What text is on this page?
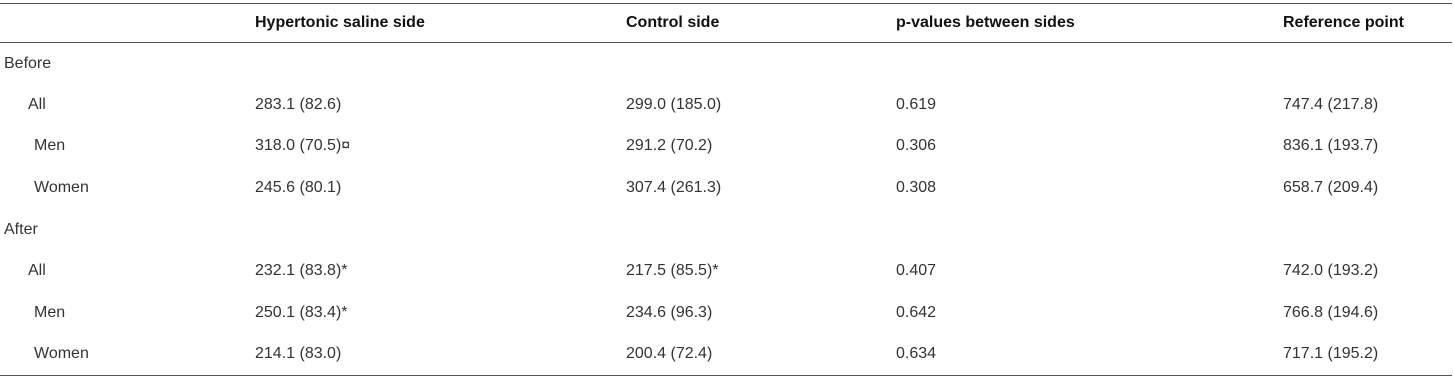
	Hypertonic saline side	Control side	p-values between sides	Reference point
Before				
All	283.1 (82.6)	299.0 (185.0)	0.619	747.4 (217.8)
Men	318.0 (70.5)¤	291.2 (70.2)	0.306	836.1 (193.7)
Women	245.6 (80.1)	307.4 (261.3)	0.308	658.7 (209.4)
After				
All	232.1 (83.8)*	217.5 (85.5)*	0.407	742.0 (193.2)
Men	250.1 (83.4)*	234.6 (96.3)	0.642	766.8 (194.6)
Women	214.1 (83.0)	200.4 (72.4)	0.634	717.1 (195.2)
